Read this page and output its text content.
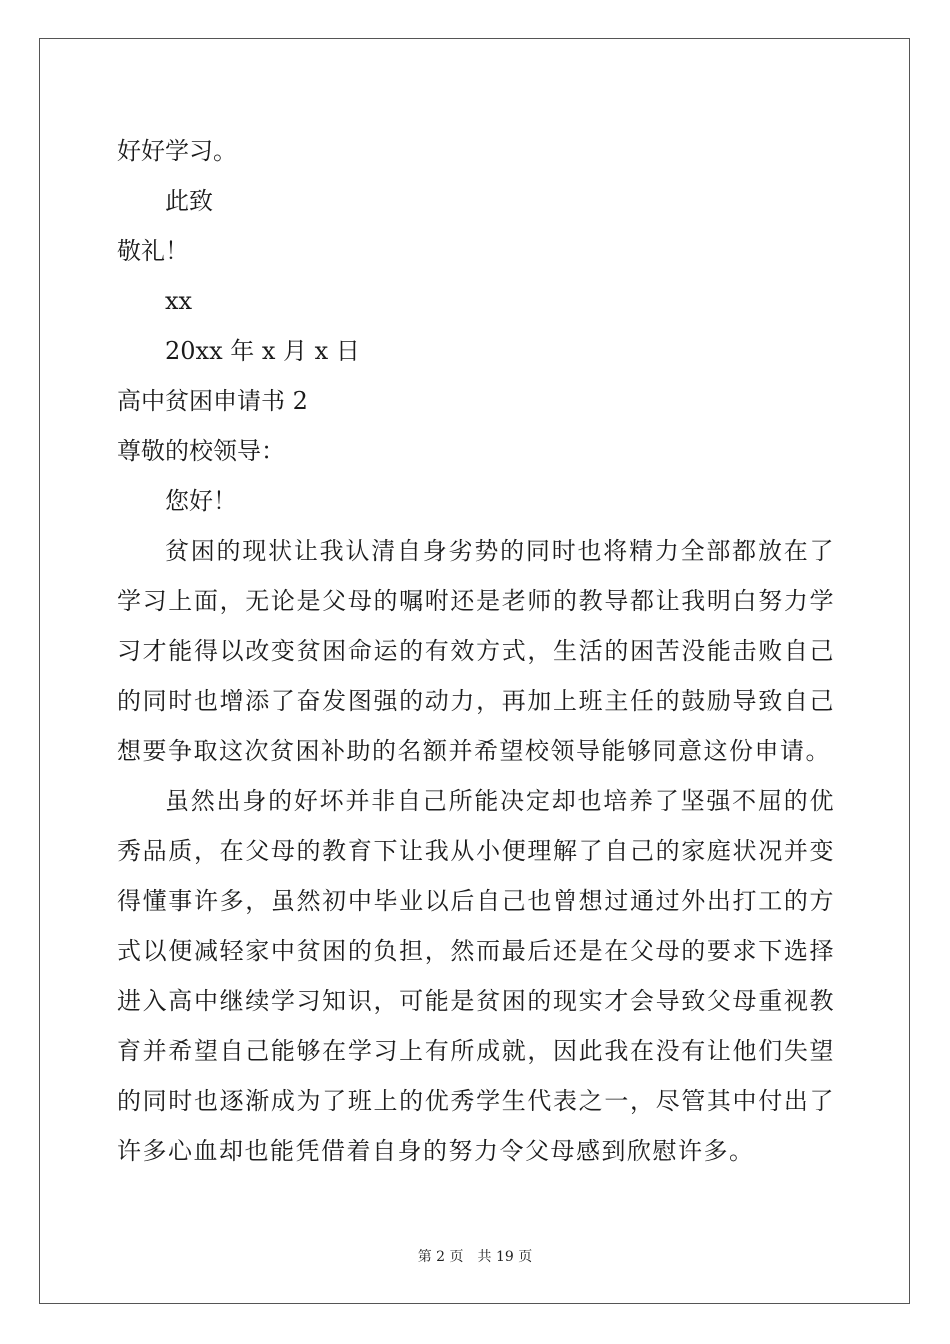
好好学习。

此致

敬礼！

xx

20xx 年 x 月 x 日

高中贫困申请书 2

尊敬的校领导：

您好！

贫困的现状让我认清自身劣势的同时也将精力全部都放在了学习上面，无论是父母的嘱咐还是老师的教导都让我明白努力学习才能得以改变贫困命运的有效方式，生活的困苦没能击败自己的同时也增添了奋发图强的动力，再加上班主任的鼓励导致自己想要争取这次贫困补助的名额并希望校领导能够同意这份申请。

虽然出身的好坏并非自己所能决定却也培养了坚强不屈的优秀品质，在父母的教育下让我从小便理解了自己的家庭状况并变得懂事许多，虽然初中毕业以后自己也曾想过通过外出打工的方式以便减轻家中贫困的负担，然而最后还是在父母的要求下选择进入高中继续学习知识，可能是贫困的现实才会导致父母重视教育并希望自己能够在学习上有所成就，因此我在没有让他们失望的同时也逐渐成为了班上的优秀学生代表之一，尽管其中付出了许多心血却也能凭借着自身的努力令父母感到欣慰许多。

第 2 页 共 19 页
